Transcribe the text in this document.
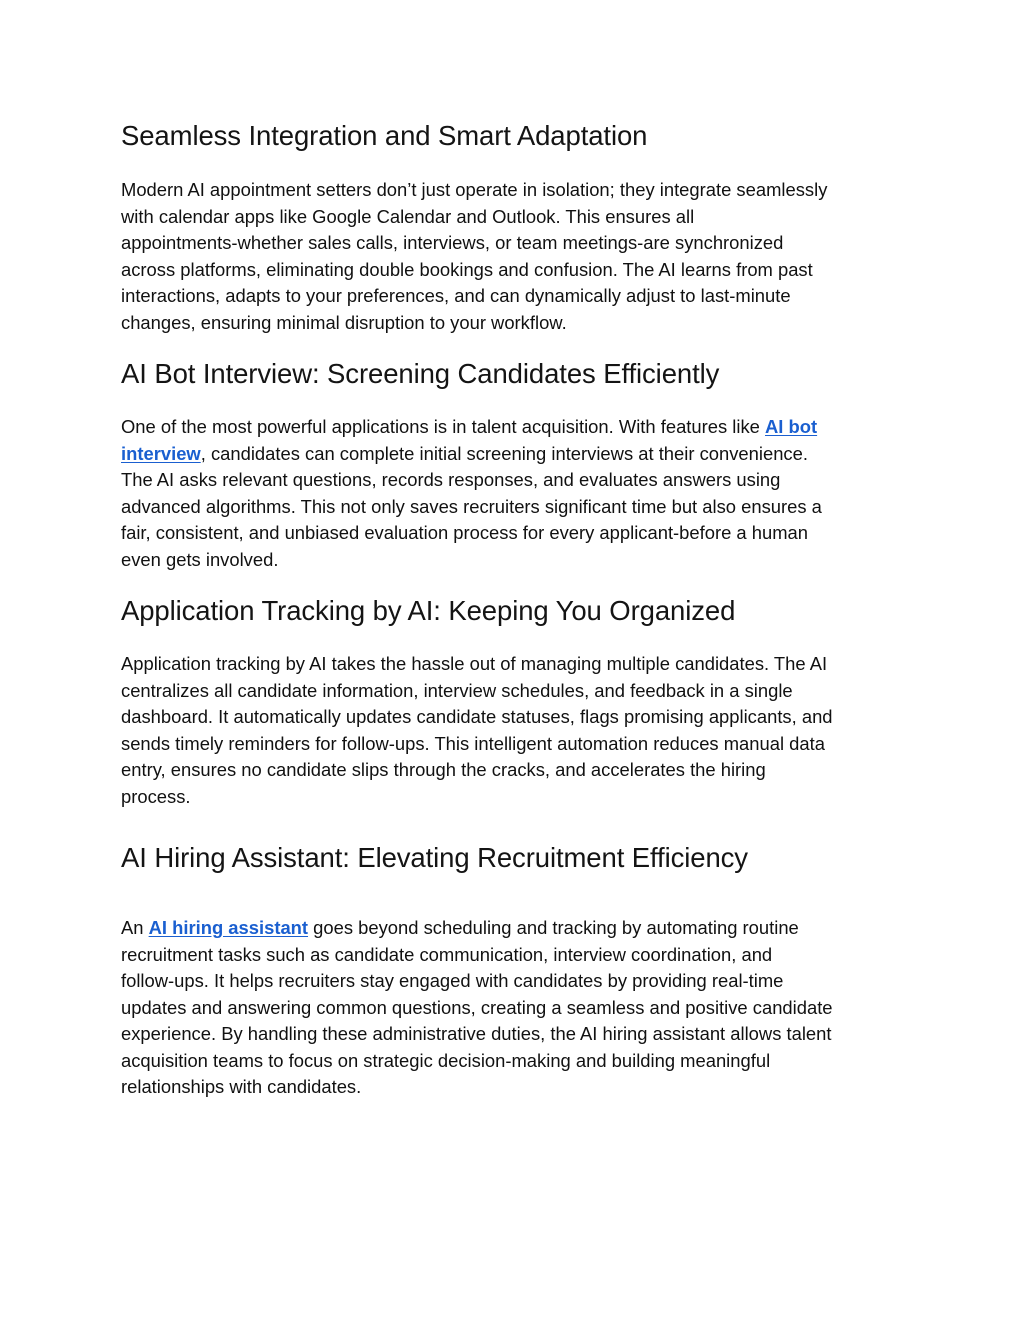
Seamless Integration and Smart Adaptation

Modern AI appointment setters don’t just operate in isolation; they integrate seamlessly
with calendar apps like Google Calendar and Outlook. This ensures all
appointments-whether sales calls, interviews, or team meetings-are synchronized
across platforms, eliminating double bookings and confusion. The AI learns from past
interactions, adapts to your preferences, and can dynamically adjust to last-minute
changes, ensuring minimal disruption to your workflow.

AI Bot Interview: Screening Candidates Efficiently

One of the most powerful applications is in talent acquisition. With features like AI bot
interview, candidates can complete initial screening interviews at their convenience.
The AI asks relevant questions, records responses, and evaluates answers using
advanced algorithms. This not only saves recruiters significant time but also ensures a
fair, consistent, and unbiased evaluation process for every applicant-before a human
even gets involved.

Application Tracking by AI: Keeping You Organized

Application tracking by AI takes the hassle out of managing multiple candidates. The AI
centralizes all candidate information, interview schedules, and feedback in a single
dashboard. It automatically updates candidate statuses, flags promising applicants, and
sends timely reminders for follow-ups. This intelligent automation reduces manual data
entry, ensures no candidate slips through the cracks, and accelerates the hiring
process.

AI Hiring Assistant: Elevating Recruitment Efficiency

An AI hiring assistant goes beyond scheduling and tracking by automating routine
recruitment tasks such as candidate communication, interview coordination, and
follow-ups. It helps recruiters stay engaged with candidates by providing real-time
updates and answering common questions, creating a seamless and positive candidate
experience. By handling these administrative duties, the AI hiring assistant allows talent
acquisition teams to focus on strategic decision-making and building meaningful
relationships with candidates.
